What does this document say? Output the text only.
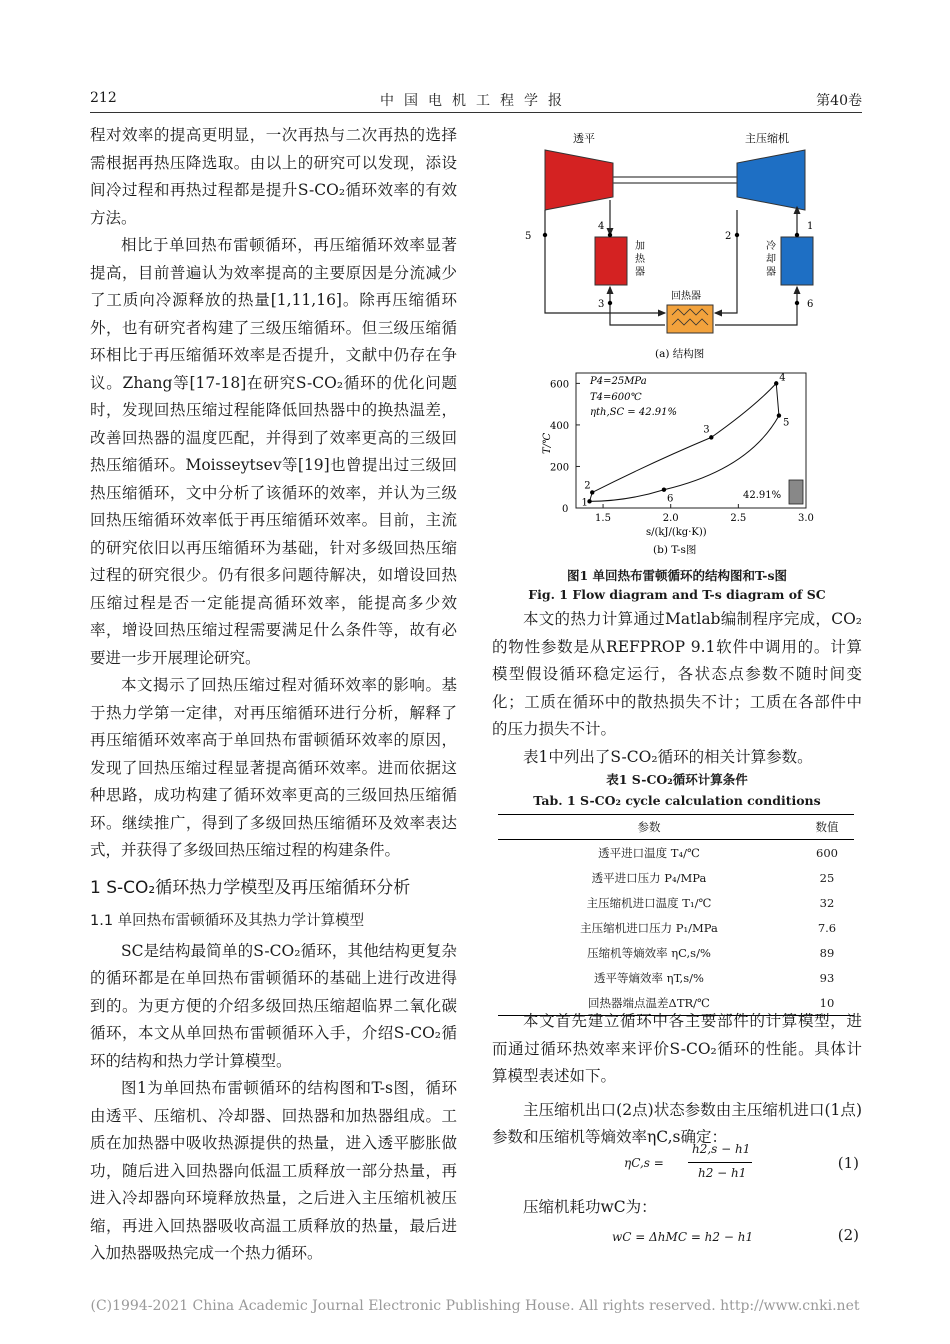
212	中国电机工程学报	第40卷

程对效率的提高更明显，一次再热与二次再热的选择需根据再热压降选取。由以上的研究可以发现，添设间冷过程和再热过程都是提升S-CO₂循环效率的有效方法。

相比于单回热布雷顿循环，再压缩循环效率显著提高，目前普遍认为效率提高的主要原因是分流减少了工质向冷源释放的热量[1,11,16]。除再压缩循环外，也有研究者构建了三级压缩循环。但三级压缩循环相比于再压缩循环效率是否提升，文献中仍存在争议。Zhang等[17-18]在研究S-CO₂循环的优化问题时，发现回热压缩过程能降低回热器中的换热温差，改善回热器的温度匹配，并得到了效率更高的三级回热压缩循环。Moisseytsev等[19]也曾提出过三级回热压缩循环，文中分析了该循环的效率，并认为三级回热压缩循环效率低于再压缩循环效率。目前，主流的研究依旧以再压缩循环为基础，针对多级回热压缩过程的研究很少。仍有很多问题待解决，如增设回热压缩过程是否一定能提高循环效率，能提高多少效率，增设回热压缩过程需要满足什么条件等，故有必要进一步开展理论研究。

本文揭示了回热压缩过程对循环效率的影响。基于热力学第一定律，对再压缩循环进行分析，解释了再压缩循环效率高于单回热布雷顿循环效率的原因，发现了回热压缩过程显著提高循环效率。进而依据这种思路，成功构建了循环效率更高的三级回热压缩循环。继续推广，得到了多级回热压缩循环及效率表达式，并获得了多级回热压缩过程的构建条件。

1 S-CO₂循环热力学模型及再压缩循环分析

1.1 单回热布雷顿循环及其热力学计算模型

SC是结构最简单的S-CO₂循环，其他结构更复杂的循环都是在单回热布雷顿循环的基础上进行改进得到的。为更方便的介绍多级回热压缩超临界二氧化碳循环，本文从单回热布雷顿循环入手，介绍S-CO₂循环的结构和热力学计算模型。

图1为单回热布雷顿循环的结构图和T-s图，循环由透平、压缩机、冷却器、回热器和加热器组成。工质在加热器中吸收热源提供的热量，进入透平膨胀做功，随后进入回热器向低温工质释放一部分热量，再进入冷却器向环境释放热量，之后进入主压缩机被压缩，再进入回热器吸收高温工质释放的热量，最后进入加热器吸热完成一个热力循环。

透平	主压缩机
加
热
器
冷
却
器
回热器
5
4
2
1
3	6
(a) 结构图
1.5	2.0	2.5	3.0
0
200
400
600
1
2
3
4
5
6
P4=25MPa
T4=600℃
ηth,SC = 42.91%
T/℃
s/(kJ/(kg·K))
42.91%
(b) T-s图
图1 单回热布雷顿循环的结构图和T-s图
Fig. 1 Flow diagram and T-s diagram of SC

本文的热力计算通过Matlab编制程序完成，CO₂的物性参数是从REFPROP 9.1软件中调用的。计算模型假设循环稳定运行，各状态点参数不随时间变化；工质在循环中的散热损失不计；工质在各部件中的压力损失不计。

表1中列出了S-CO₂循环的相关计算参数。

表1 S-CO₂循环计算条件
Tab. 1 S-CO₂ cycle calculation conditions
参数	数值
透平进口温度 T₄/℃	600
透平进口压力 P₄/MPa	25
主压缩机进口温度 T₁/℃	32
主压缩机进口压力 P₁/MPa	7.6
压缩机等熵效率 ηC,s/%	89
透平等熵效率 ηT,s/%	93
回热器端点温差ΔTR/℃	10

本文首先建立循环中各主要部件的计算模型，进而通过循环热效率来评价S-CO₂循环的性能。具体计算模型表述如下。

主压缩机出口(2点)状态参数由主压缩机进口(1点)参数和压缩机等熵效率ηC,s确定：

ηC,s =
h2,s − h1
h2 − h1
(1)

压缩机耗功wC为：

wC = ΔhMC = h2 − h1	(2)
(C)1994-2021 China Academic Journal Electronic Publishing House. All rights reserved. http://www.cnki.net
